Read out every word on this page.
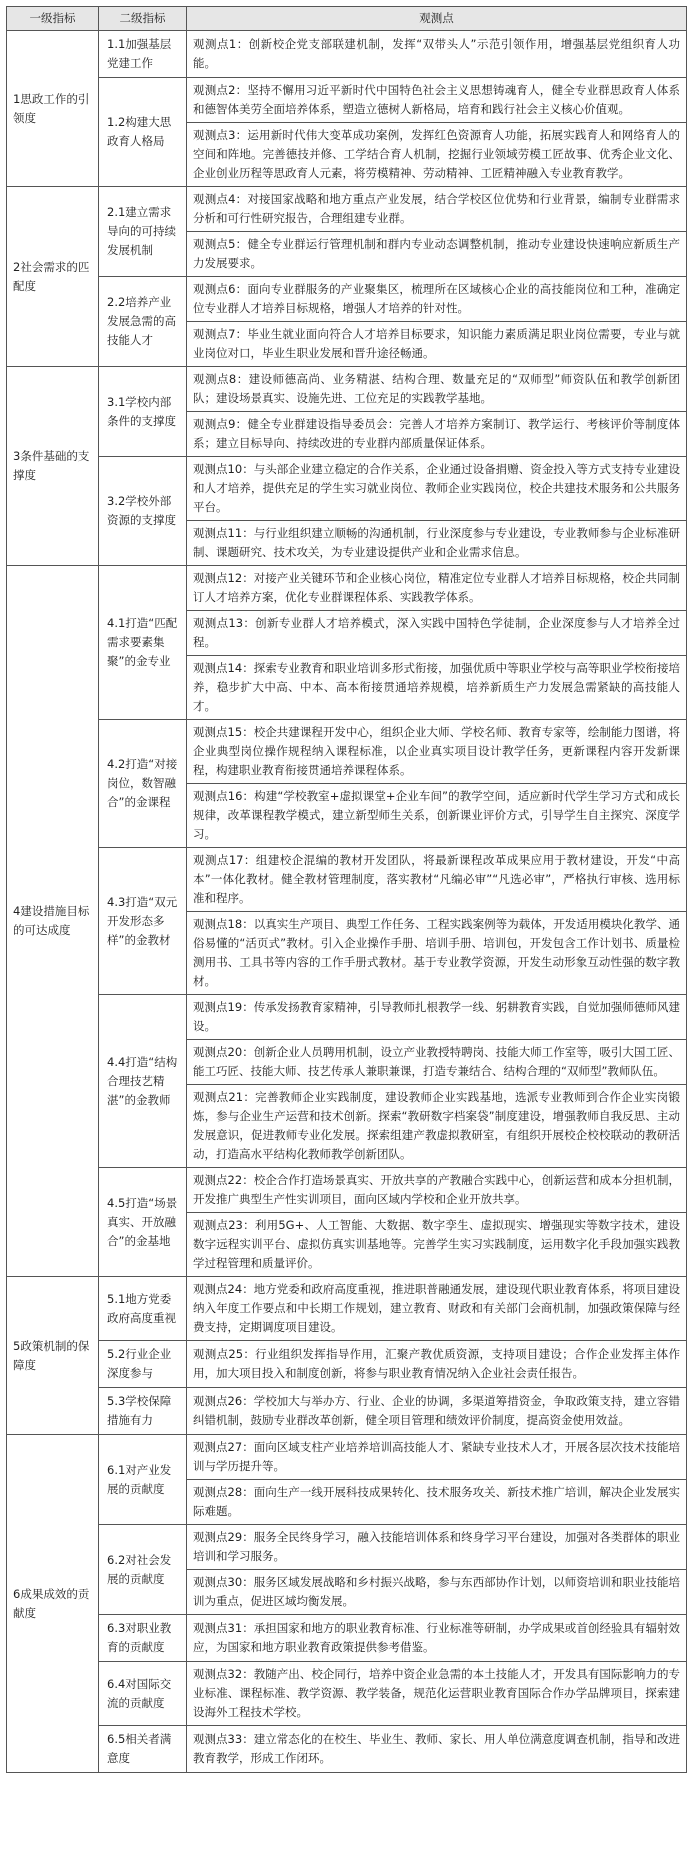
一级指标	二级指标	观测点
1思政工作的引领度	1.1加强基层党建工作	观测点1：创新校企党支部联建机制，发挥“双带头人”示范引领作用，增强基层党组织育人功能。
	1.2构建大思政育人格局	观测点2：坚持不懈用习近平新时代中国特色社会主义思想铸魂育人，健全专业群思政育人体系和德智体美劳全面培养体系，塑造立德树人新格局，培育和践行社会主义核心价值观。
		观测点3：运用新时代伟大变革成功案例，发挥红色资源育人功能，拓展实践育人和网络育人的空间和阵地。完善德技并修、工学结合育人机制，挖掘行业领域劳模工匠故事、优秀企业文化、企业创业历程等思政育人元素，将劳模精神、劳动精神、工匠精神融入专业教育教学。
2社会需求的匹配度	2.1建立需求导向的可持续发展机制	观测点4：对接国家战略和地方重点产业发展，结合学校区位优势和行业背景，编制专业群需求分析和可行性研究报告，合理组建专业群。
		观测点5：健全专业群运行管理机制和群内专业动态调整机制，推动专业建设快速响应新质生产力发展要求。
	2.2培养产业发展急需的高技能人才	观测点6：面向专业群服务的产业聚集区，梳理所在区域核心企业的高技能岗位和工种，准确定位专业群人才培养目标规格，增强人才培养的针对性。
		观测点7：毕业生就业面向符合人才培养目标要求，知识能力素质满足职业岗位需要，专业与就业岗位对口，毕业生职业发展和晋升途径畅通。
3条件基础的支撑度	3.1学校内部条件的支撑度	观测点8：建设师德高尚、业务精湛、结构合理、数量充足的“双师型”师资队伍和教学创新团队；建设场景真实、设施先进、工位充足的实践教学基地。
		观测点9：健全专业群建设指导委员会：完善人才培养方案制订、教学运行、考核评价等制度体系；建立目标导向、持续改进的专业群内部质量保证体系。
	3.2学校外部资源的支撑度	观测点10：与头部企业建立稳定的合作关系，企业通过设备捐赠、资金投入等方式支持专业建设和人才培养，提供充足的学生实习就业岗位、教师企业实践岗位，校企共建技术服务和公共服务平台。
		观测点11：与行业组织建立顺畅的沟通机制，行业深度参与专业建设，专业教师参与企业标准研制、课题研究、技术攻关，为专业建设提供产业和企业需求信息。
4建设措施目标的可达成度	4.1打造“匹配需求要素集聚”的金专业	观测点12：对接产业关键环节和企业核心岗位，精准定位专业群人才培养目标规格，校企共同制订人才培养方案，优化专业群课程体系、实践教学体系。
		观测点13：创新专业群人才培养模式，深入实践中国特色学徒制，企业深度参与人才培养全过程。
		观测点14：探索专业教育和职业培训多形式衔接，加强优质中等职业学校与高等职业学校衔接培养，稳步扩大中高、中本、高本衔接贯通培养规模，培养新质生产力发展急需紧缺的高技能人才。
	4.2打造“对接岗位，数智融合”的金课程	观测点15：校企共建课程开发中心，组织企业大师、学校名师、教育专家等，绘制能力图谱，将企业典型岗位操作规程纳入课程标准，以企业真实项目设计教学任务，更新课程内容开发新课程，构建职业教育衔接贯通培养课程体系。
		观测点16：构建“学校教室+虚拟课堂+企业车间”的教学空间，适应新时代学生学习方式和成长规律，改革课程教学模式，建立新型师生关系，创新课业评价方式，引导学生自主探究、深度学习。
	4.3打造“双元开发形态多样”的金教材	观测点17：组建校企混编的教材开发团队，将最新课程改革成果应用于教材建设，开发“中高本”一体化教材。健全教材管理制度，落实教材“凡编必审”“凡选必审”，严格执行审核、选用标准和程序。
		观测点18：以真实生产项目、典型工作任务、工程实践案例等为载体，开发适用模块化教学、通俗易懂的“活页式”教材。引入企业操作手册、培训手册、培训包，开发包含工作计划书、质量检测用书、工具书等内容的工作手册式教材。基于专业教学资源，开发生动形象互动性强的数字教材。
	4.4打造“结构合理技艺精湛”的金教师	观测点19：传承发扬教育家精神，引导教师扎根教学一线、躬耕教育实践，自觉加强师德师风建设。
		观测点20：创新企业人员聘用机制，设立产业教授特聘岗、技能大师工作室等，吸引大国工匠、能工巧匠、技能大师、技艺传承人兼职兼课，打造专兼结合、结构合理的“双师型”教师队伍。
		观测点21：完善教师企业实践制度，建设教师企业实践基地，选派专业教师到合作企业实岗锻炼，参与企业生产运营和技术创新。探索“教研数字档案袋”制度建设，增强教师自我反思、主动发展意识，促进教师专业化发展。探索组建产教虚拟教研室，有组织开展校企校校联动的教研活动，打造高水平结构化教师教学创新团队。
	4.5打造“场景真实、开放融合”的金基地	观测点22：校企合作打造场景真实、开放共享的产教融合实践中心，创新运营和成本分担机制，开发推广典型生产性实训项目，面向区域内学校和企业开放共享。
		观测点23：利用5G+、人工智能、大数据、数字孪生、虚拟现实、增强现实等数字技术，建设数字远程实训平台、虚拟仿真实训基地等。完善学生实习实践制度，运用数字化手段加强实践教学过程管理和质量评价。
5政策机制的保障度	5.1地方党委政府高度重视	观测点24：地方党委和政府高度重视，推进职普融通发展，建设现代职业教育体系，将项目建设纳入年度工作要点和中长期工作规划，建立教育、财政和有关部门会商机制，加强政策保障与经费支持，定期调度项目建设。
	5.2行业企业深度参与	观测点25：行业组织发挥指导作用，汇聚产教优质资源，支持项目建设；合作企业发挥主体作用，加大项目投入和制度创新，将参与职业教育情况纳入企业社会责任报告。
	5.3学校保障措施有力	观测点26：学校加大与举办方、行业、企业的协调，多渠道筹措资金，争取政策支持，建立容错纠错机制，鼓励专业群改革创新，健全项目管理和绩效评价制度，提高资金使用效益。
6成果成效的贡献度	6.1对产业发展的贡献度	观测点27：面向区域支柱产业培养培训高技能人才、紧缺专业技术人才，开展各层次技术技能培训与学历提升等。
		观测点28：面向生产一线开展科技成果转化、技术服务攻关、新技术推广培训，解决企业发展实际难题。
	6.2对社会发展的贡献度	观测点29：服务全民终身学习，融入技能培训体系和终身学习平台建设，加强对各类群体的职业培训和学习服务。
		观测点30：服务区域发展战略和乡村振兴战略，参与东西部协作计划，以师资培训和职业技能培训为重点，促进区域均衡发展。
	6.3对职业教育的贡献度	观测点31：承担国家和地方的职业教育标准、行业标准等研制，办学成果或首创经验具有辐射效应，为国家和地方职业教育政策提供参考借鉴。
	6.4对国际交流的贡献度	观测点32：教随产出、校企同行，培养中资企业急需的本土技能人才，开发具有国际影响力的专业标准、课程标准、教学资源、教学装备，规范化运营职业教育国际合作办学品牌项目，探索建设海外工程技术学校。
	6.5相关者满意度	观测点33：建立常态化的在校生、毕业生、教师、家长、用人单位满意度调查机制，指导和改进教育教学，形成工作闭环。
